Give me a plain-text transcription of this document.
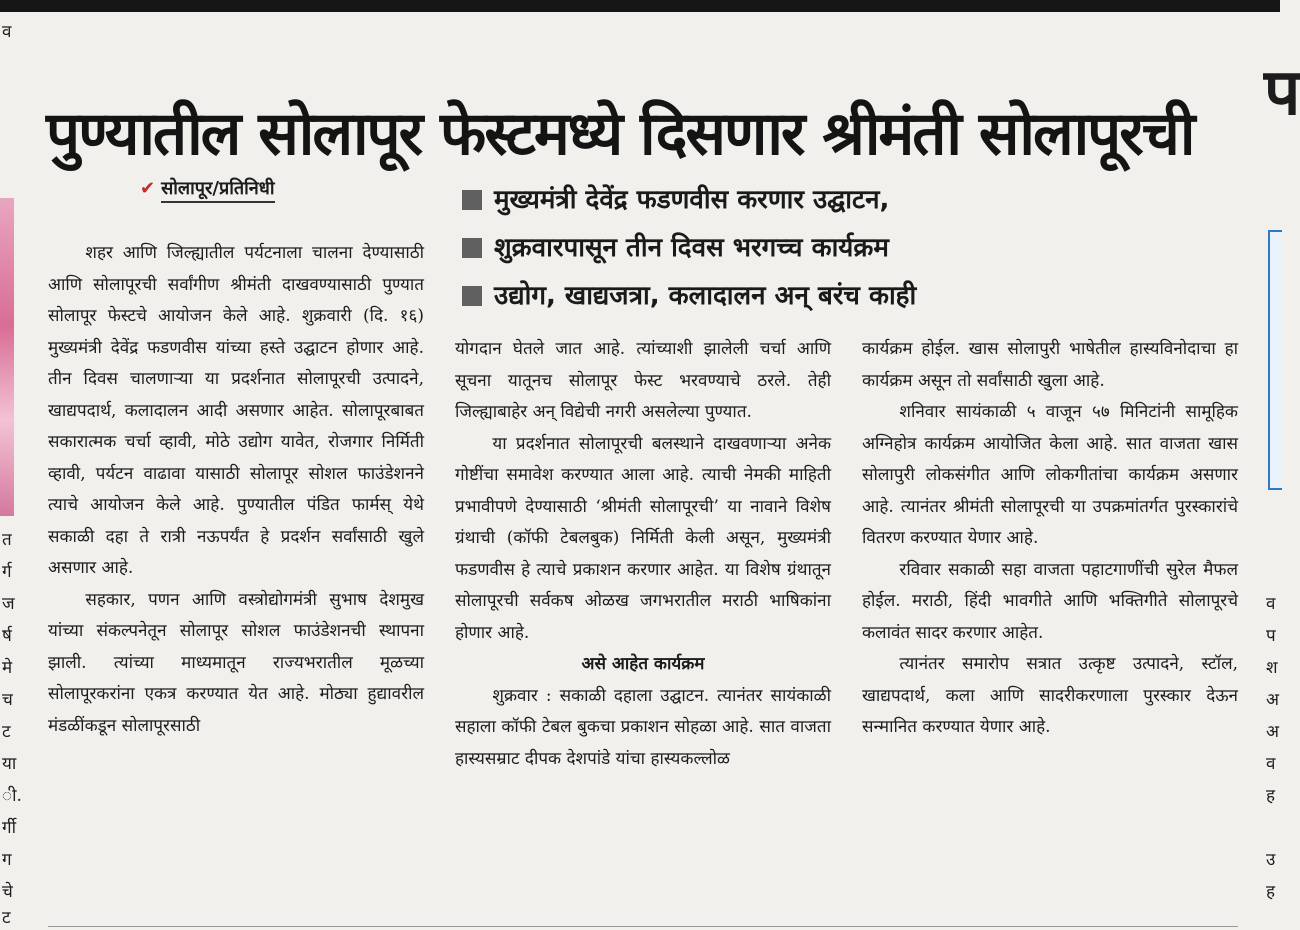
व
त
र्ग
ज
र्ष
मे
च
ट
या
ी.
र्गी
ग
चे
ट
प
व
प
श
अ
अ
व
ह
उ
ह
पुण्यातील सोलापूर फेस्टमध्ये दिसणार श्रीमंती सोलापूरची
✔ सोलापूर/प्रतिनिधी	मुख्यमंत्री देवेंद्र फडणवीस करणार उद्घाटन,
शुक्रवारपासून तीन दिवस भरगच्च कार्यक्रम
उद्योग, खाद्यजत्रा, कलादालन अन् बरंच काही

शहर आणि जिल्ह्यातील पर्यटनाला चालना देण्यासाठी आणि सोलापूरची सर्वांगीण श्रीमंती दाखवण्यासाठी पुण्यात सोलापूर फेस्टचे आयोजन केले आहे. शुक्रवारी (दि. १६) मुख्यमंत्री देवेंद्र फडणवीस यांच्या हस्ते उद्घाटन होणार आहे. तीन दिवस चालणाऱ्या या प्रदर्शनात सोलापूरची उत्पादने, खाद्यपदार्थ, कलादालन आदी असणार आहेत. सोलापूरबाबत सकारात्मक चर्चा व्हावी, मोठे उद्योग यावेत, रोजगार निर्मिती व्हावी, पर्यटन वाढावा यासाठी सोलापूर सोशल फाउंडेशनने त्याचे आयोजन केले आहे. पुण्यातील पंडित फार्मस् येथे सकाळी दहा ते रात्री नऊपर्यंत हे प्रदर्शन सर्वांसाठी खुले असणार आहे.

सहकार, पणन आणि वस्त्रोद्योगमंत्री सुभाष देशमुख यांच्या संकल्पनेतून सोलापूर सोशल फाउंडेशनची स्थापना झाली. त्यांच्या माध्यमातून राज्यभरातील मूळच्या सोलापूरकरांना एकत्र करण्यात येत आहे. मोठ्या हुद्यावरील मंडळींकडून सोलापूरसाठी

योगदान घेतले जात आहे. त्यांच्याशी झालेली चर्चा आणि सूचना यातूनच सोलापूर फेस्ट भरवण्याचे ठरले. तेही जिल्ह्याबाहेर अन् विद्येची नगरी असलेल्या पुण्यात.

या प्रदर्शनात सोलापूरची बलस्थाने दाखवणाऱ्या अनेक गोष्टींचा समावेश करण्यात आला आहे. त्याची नेमकी माहिती प्रभावीपणे देण्यासाठी ‘श्रीमंती सोलापूरची’ या नावाने विशेष ग्रंथाची (कॉफी टेबलबुक) निर्मिती केली असून, मुख्यमंत्री फडणवीस हे त्याचे प्रकाशन करणार आहेत. या विशेष ग्रंथातून सोलापूरची सर्वकष ओळख जगभरातील मराठी भाषिकांना होणार आहे.

असे आहेत कार्यक्रम

शुक्रवार : सकाळी दहाला उद्घाटन. त्यानंतर सायंकाळी सहाला कॉफी टेबल बुकचा प्रकाशन सोहळा आहे. सात वाजता हास्यसम्राट दीपक देशपांडे यांचा हास्यकल्लोळ

कार्यक्रम होईल. खास सोलापुरी भाषेतील हास्यविनोदाचा हा कार्यक्रम असून तो सर्वांसाठी खुला आहे.

शनिवार सायंकाळी ५ वाजून ५७ मिनिटांनी सामूहिक अग्निहोत्र कार्यक्रम आयोजित केला आहे. सात वाजता खास सोलापुरी लोकसंगीत आणि लोकगीतांचा कार्यक्रम असणार आहे. त्यानंतर श्रीमंती सोलापूरची या उपक्रमांतर्गत पुरस्कारांचे वितरण करण्यात येणार आहे.

रविवार सकाळी सहा वाजता पहाटगाणींची सुरेल मैफल होईल. मराठी, हिंदी भावगीते आणि भक्तिगीते सोलापूरचे कलावंत सादर करणार आहेत.

त्यानंतर समारोप सत्रात उत्कृष्ट उत्पादने, स्टॉल, खाद्यपदार्थ, कला आणि सादरीकरणाला पुरस्कार देऊन सन्मानित करण्यात येणार आहे.
